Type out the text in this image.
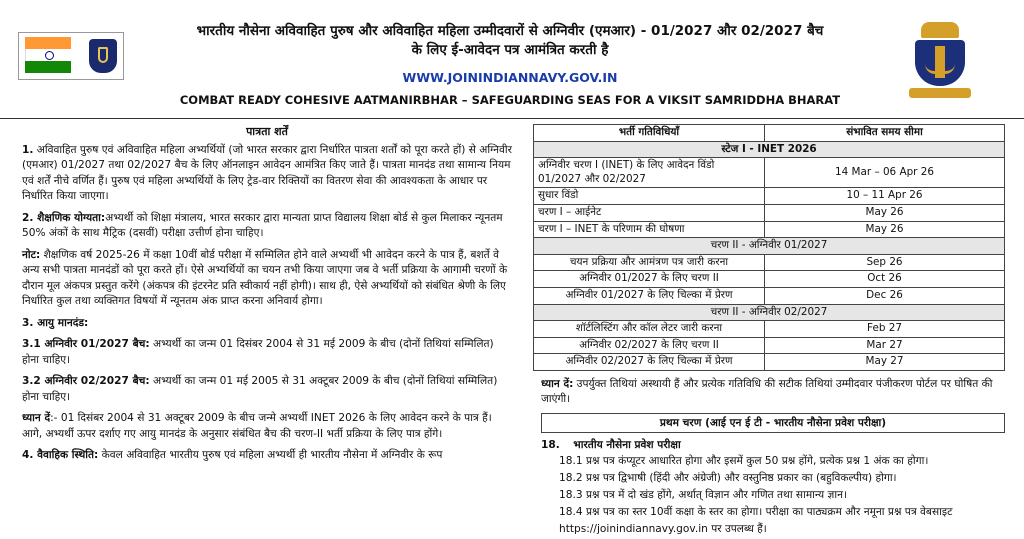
भारतीय नौसेना अविवाहित पुरुष और अविवाहित महिला उम्मीदवारों से अग्निवीर (एमआर) - 01/2027 और 02/2027 बैच
के लिए ई-आवेदन पत्र आमंत्रित करती है
WWW.JOININDIANNAVY.GOV.IN
COMBAT READY COHESIVE AATMANIRBHAR – SAFEGUARDING SEAS FOR A VIKSIT SAMRIDDHA BHARAT
पात्रता शर्तें

1. अविवाहित पुरुष एवं अविवाहित महिला अभ्यर्थियों (जो भारत सरकार द्वारा निर्धारित पात्रता शर्तों को पूरा करते हों) से अग्निवीर (एमआर) 01/2027 तथा 02/2027 बैच के लिए ऑनलाइन आवेदन आमंत्रित किए जाते हैं। पात्रता मानदंड तथा सामान्य नियम एवं शर्तें नीचे वर्णित हैं। पुरुष एवं महिला अभ्यर्थियों के लिए ट्रेड-वार रिक्तियों का वितरण सेवा की आवश्यकता के आधार पर निर्धारित किया जाएगा।

2. शैक्षणिक योग्यता:अभ्यर्थी को शिक्षा मंत्रालय, भारत सरकार द्वारा मान्यता प्राप्त विद्यालय शिक्षा बोर्ड से कुल मिलाकर न्यूनतम 50% अंकों के साथ मैट्रिक (दसवीं) परीक्षा उत्तीर्ण होना चाहिए।

नोट: शैक्षणिक वर्ष 2025-26 में कक्षा 10वीं बोर्ड परीक्षा में सम्मिलित होने वाले अभ्यर्थी भी आवेदन करने के पात्र हैं, बशर्ते वे अन्य सभी पात्रता मानदंडों को पूरा करते हों। ऐसे अभ्यर्थियों का चयन तभी किया जाएगा जब वे भर्ती प्रक्रिया के आगामी चरणों के दौरान मूल अंकपत्र प्रस्तुत करेंगे (अंकपत्र की इंटरनेट प्रति स्वीकार्य नहीं होगी)। साथ ही, ऐसे अभ्यर्थियों को संबंधित श्रेणी के लिए निर्धारित कुल तथा व्यक्तिगत विषयों में न्यूनतम अंक प्राप्त करना अनिवार्य होगा।

3. आयु मानदंड:

3.1 अग्निवीर 01/2027 बैच: अभ्यर्थी का जन्म 01 दिसंबर 2004 से 31 मई 2009 के बीच (दोनों तिथियां सम्मिलित) होना चाहिए।

3.2 अग्निवीर 02/2027 बैच: अभ्यर्थी का जन्म 01 मई 2005 से 31 अक्टूबर 2009 के बीच (दोनों तिथियां सम्मिलित) होना चाहिए।

ध्यान दें:- 01 दिसंबर 2004 से 31 अक्टूबर 2009 के बीच जन्मे अभ्यर्थी INET 2026 के लिए आवेदन करने के पात्र हैं। आगे, अभ्यर्थी ऊपर दर्शाए गए आयु मानदंड के अनुसार संबंधित बैच की चरण-II भर्ती प्रक्रिया के लिए पात्र होंगे।

4. वैवाहिक स्थिति: केवल अविवाहित भारतीय पुरुष एवं महिला अभ्यर्थी ही भारतीय नौसेना में अग्निवीर के रूप

भर्ती गतिविधियाँ	संभावित समय सीमा
स्टेज I - INET 2026	
अग्निवीर चरण I (INET) के लिए आवेदन विंडो 01/2027 और 02/2027	14 Mar – 06 Apr 26
सुधार विंडो	10 – 11 Apr 26
चरण I – आईनेट	May 26
चरण I – INET के परिणाम की घोषणा	May 26
चरण II - अग्निवीर 01/2027	
चयन प्रक्रिया और आमंत्रण पत्र जारी करना	Sep 26
अग्निवीर 01/2027 के लिए चरण II	Oct 26
अग्निवीर 01/2027 के लिए चिल्का में प्रेरण	Dec 26
चरण II - अग्निवीर 02/2027	
शॉर्टलिस्टिंग और कॉल लेटर जारी करना	Feb 27
अग्निवीर 02/2027 के लिए चरण II	Mar 27
अग्निवीर 02/2027 के लिए चिल्का में प्रेरण	May 27
ध्यान दें: उपर्युक्त तिथियां अस्थायी हैं और प्रत्येक गतिविधि की सटीक तिथियां उम्मीदवार पंजीकरण पोर्टल पर घोषित की जाएंगी।
प्रथम चरण (आई एन ई टी - भारतीय नौसेना प्रवेश परीक्षा)
18. भारतीय नौसेना प्रवेश परीक्षा
18.1 प्रश्न पत्र कंप्यूटर आधारित होगा और इसमें कुल 50 प्रश्न होंगे, प्रत्येक प्रश्न 1 अंक का होगा।
18.2 प्रश्न पत्र द्विभाषी (हिंदी और अंग्रेजी) और वस्तुनिष्ठ प्रकार का (बहुविकल्पीय) होगा।
18.3 प्रश्न पत्र में दो खंड होंगे, अर्थात् विज्ञान और गणित तथा सामान्य ज्ञान।
18.4 प्रश्न पत्र का स्तर 10वीं कक्षा के स्तर का होगा। परीक्षा का पाठ्यक्रम और नमूना प्रश्न पत्र वेबसाइट https://joinindiannavy.gov.in पर उपलब्ध हैं।
